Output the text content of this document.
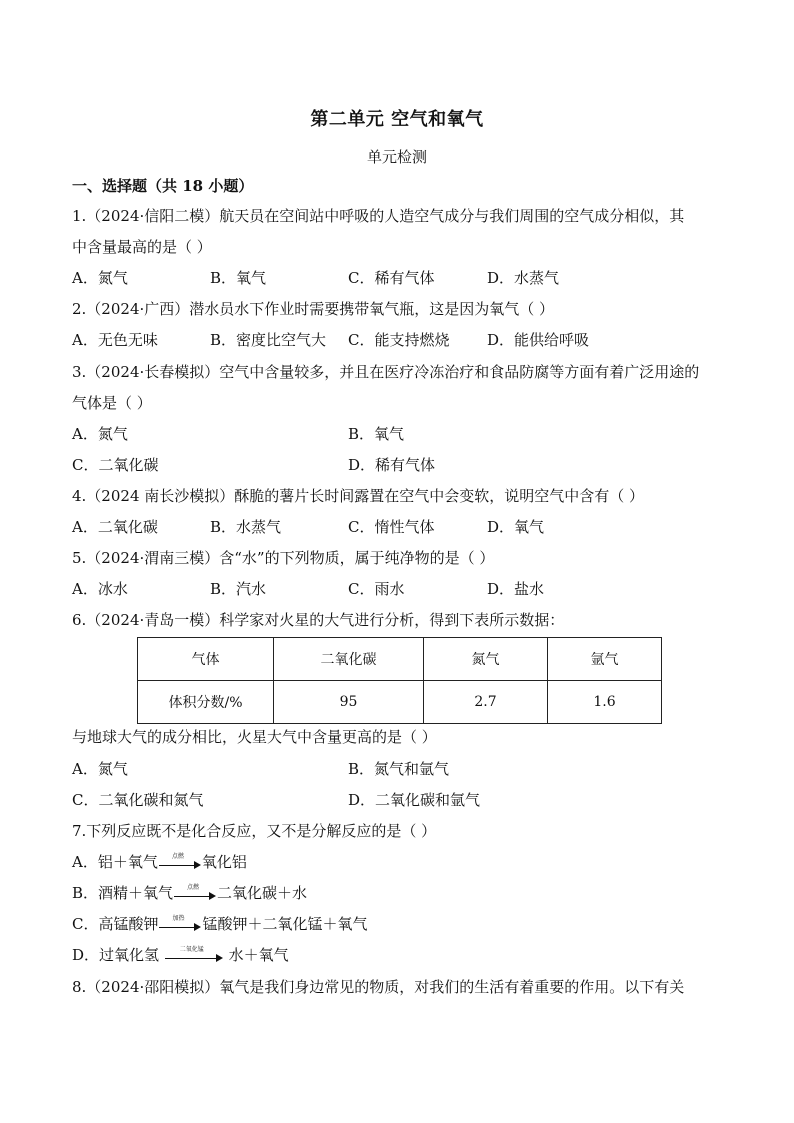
第二单元 空气和氧气
单元检测
一、选择题（共 18 小题）
1.（2024·信阳二模）航天员在空间站中呼吸的人造空气成分与我们周围的空气成分相似，其
中含量最高的是（ ）
A．氮气	B．氧气	C．稀有气体	D．水蒸气
2.（2024·广西）潜水员水下作业时需要携带氧气瓶，这是因为氧气（ ）
A．无色无味	B．密度比空气大 C．能支持燃烧	D．能供给呼吸
3.（2024·长春模拟）空气中含量较多，并且在医疗冷冻治疗和食品防腐等方面有着广泛用途的
气体是（ ）
A．氮气	B．氧气
C．二氧化碳	D．稀有气体
4.（2024 南长沙模拟）酥脆的薯片长时间露置在空气中会变软，说明空气中含有（ ）
A．二氧化碳	B．水蒸气	C．惰性气体	D．氧气
5.（2024·渭南三模）含“水”的下列物质，属于纯净物的是（ ）
A．冰水	B．汽水	C．雨水	D．盐水
6.（2024·青岛一模）科学家对火星的大气进行分析，得到下表所示数据：
气体	二氧化碳	氮气	氩气
体积分数/%	95	2.7	1.6
与地球大气的成分相比，火星大气中含量更高的是（ ）
A．氮气	B．氮气和氩气
C．二氧化碳和氮气	D．二氧化碳和氩气
7.下列反应既不是化合反应，又不是分解反应的是（ ）
A．铝＋氧气	点燃	氧化铝
B．酒精＋氧气	点燃	二氧化碳＋水
C．高锰酸钾	加热	锰酸钾＋二氧化锰＋氧气
D．过氧化氢	二氧化锰	水＋氧气
8.（2024·邵阳模拟）氧气是我们身边常见的物质，对我们的生活有着重要的作用。以下有关
